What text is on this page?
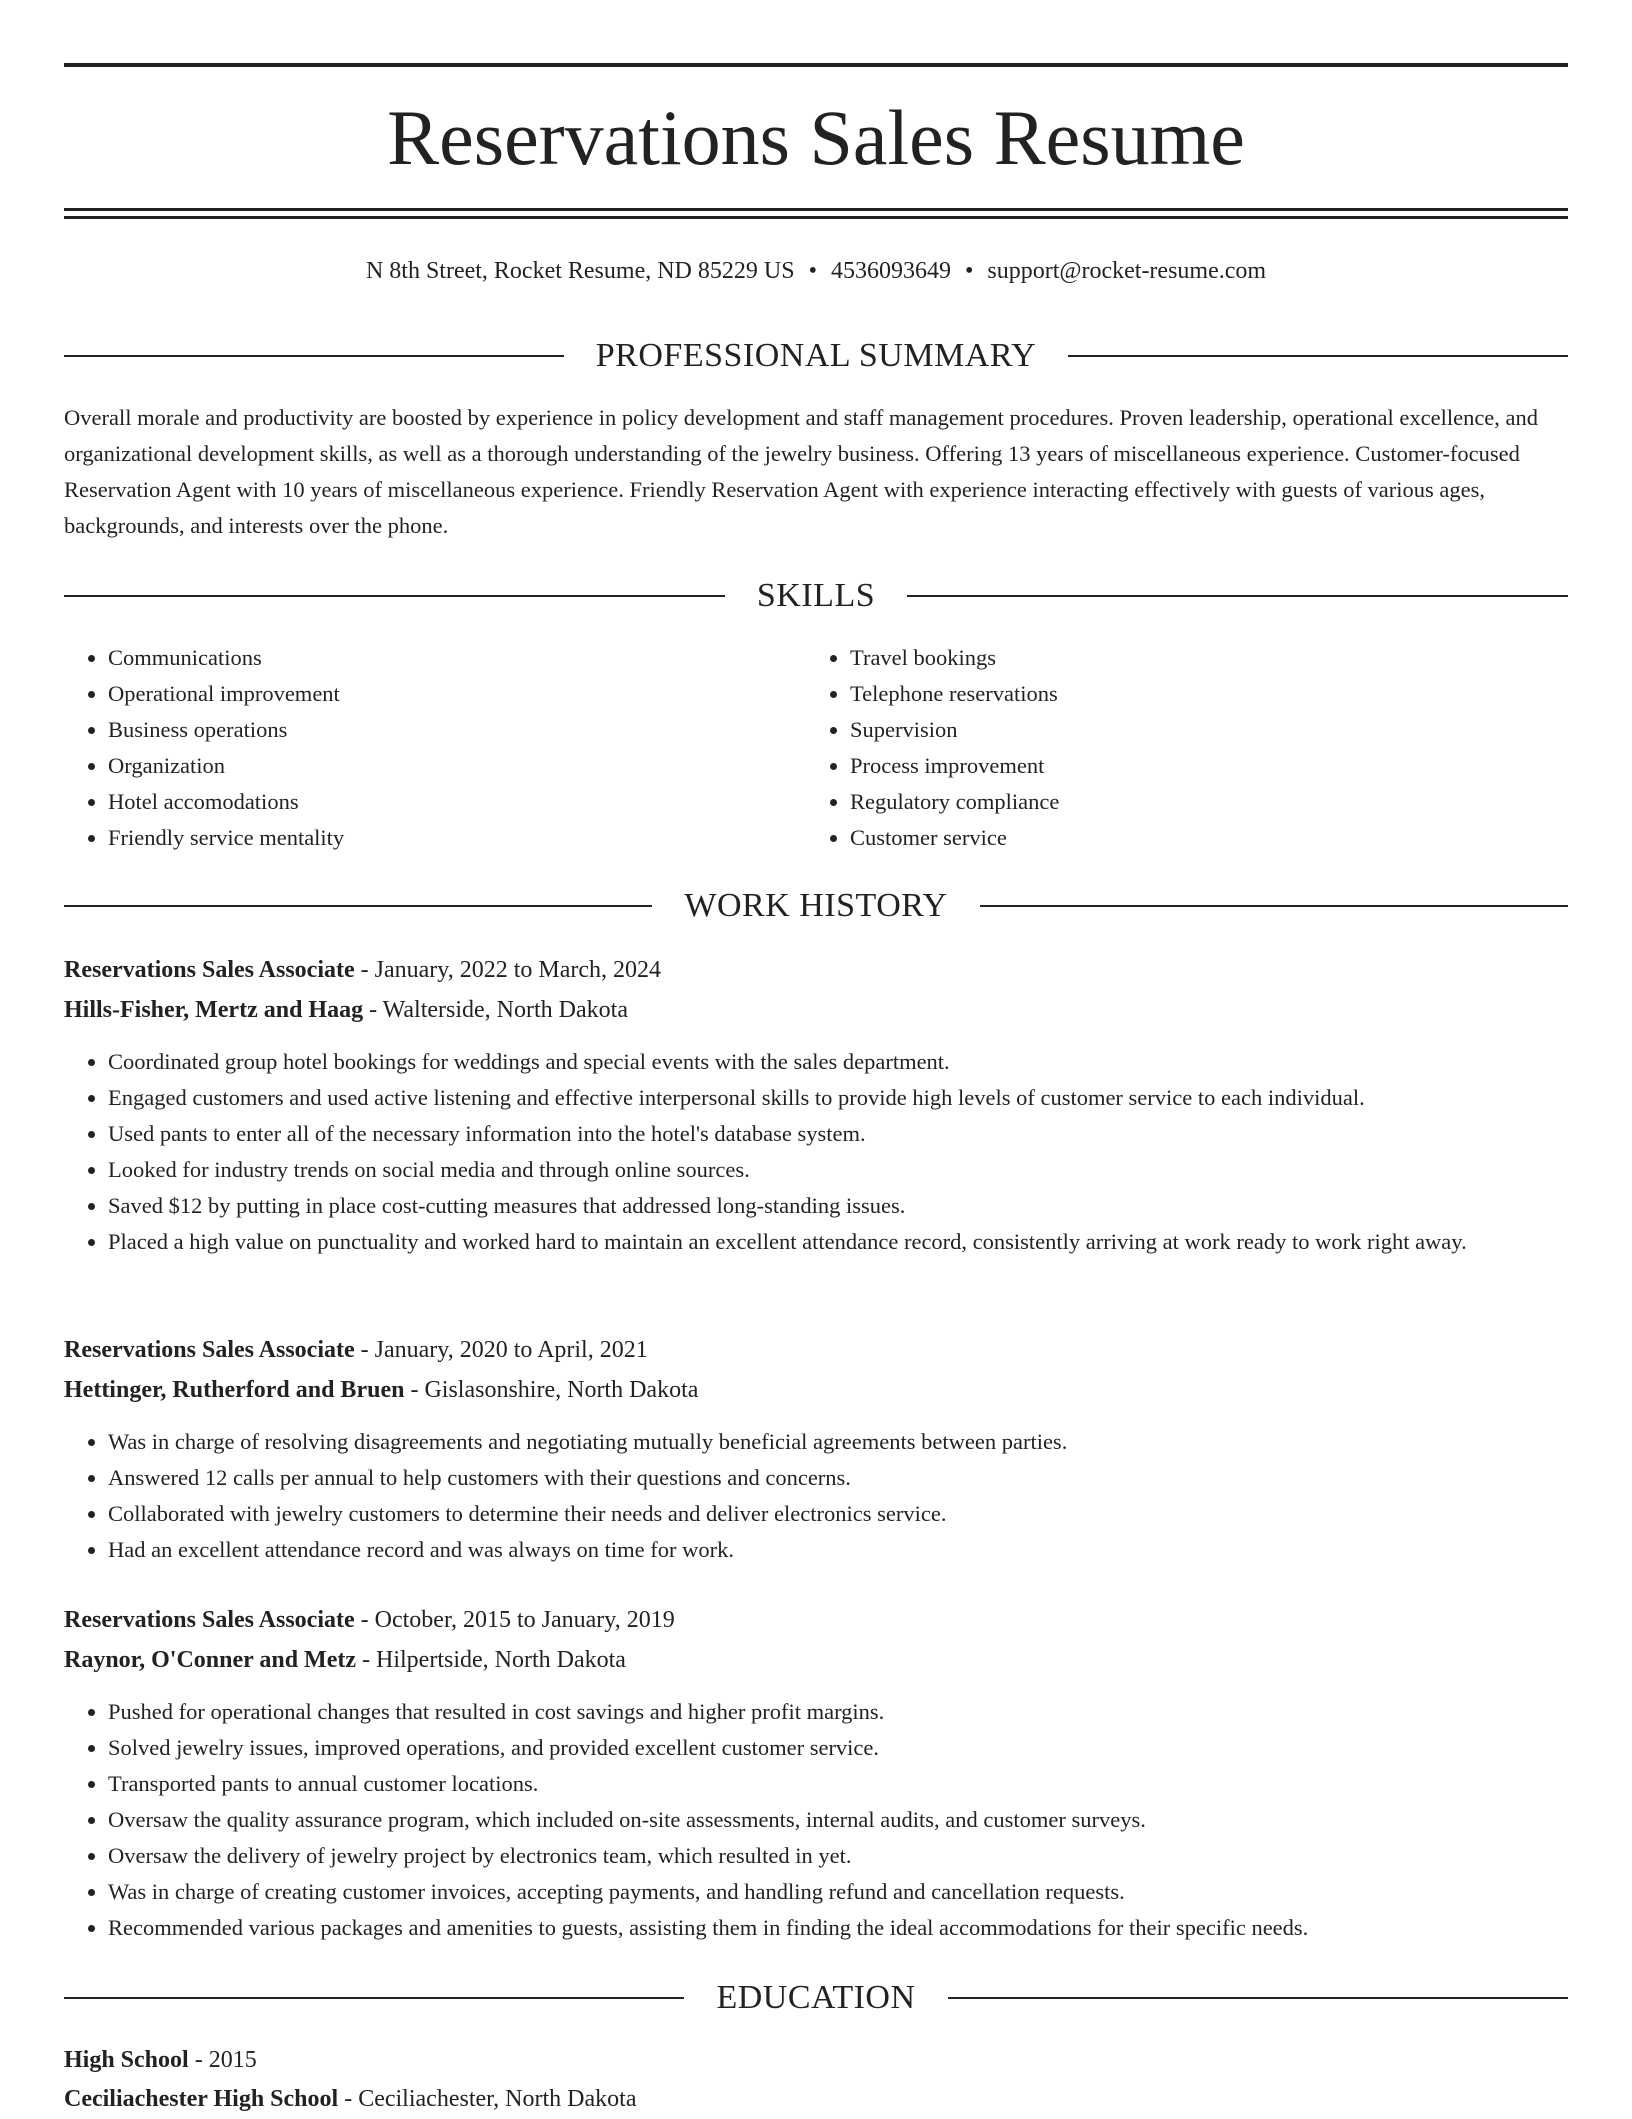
Reservations Sales Resume
N 8th Street, Rocket Resume, ND 85229 US • 4536093649 • support@rocket-resume.com
PROFESSIONAL SUMMARY

Overall morale and productivity are boosted by experience in policy development and staff management procedures. Proven leadership, operational excellence, and organizational development skills, as well as a thorough understanding of the jewelry business. Offering 13 years of miscellaneous experience. Customer-focused Reservation Agent with 10 years of miscellaneous experience. Friendly Reservation Agent with experience interacting effectively with guests of various ages, backgrounds, and interests over the phone.

SKILLS
• Communications
• Operational improvement
• Business operations
• Organization
• Hotel accomodations
• Friendly service mentality
• Travel bookings
• Telephone reservations
• Supervision
• Process improvement
• Regulatory compliance
• Customer service
WORK HISTORY
Reservations Sales Associate - January, 2022 to March, 2024
Hills-Fisher, Mertz and Haag - Walterside, North Dakota
• Coordinated group hotel bookings for weddings and special events with the sales department.
• Engaged customers and used active listening and effective interpersonal skills to provide high levels of customer service to each individual.
• Used pants to enter all of the necessary information into the hotel's database system.
• Looked for industry trends on social media and through online sources.
• Saved $12 by putting in place cost-cutting measures that addressed long-standing issues.
• Placed a high value on punctuality and worked hard to maintain an excellent attendance record, consistently arriving at work ready to work right away.
Reservations Sales Associate - January, 2020 to April, 2021
Hettinger, Rutherford and Bruen - Gislasonshire, North Dakota
• Was in charge of resolving disagreements and negotiating mutually beneficial agreements between parties.
• Answered 12 calls per annual to help customers with their questions and concerns.
• Collaborated with jewelry customers to determine their needs and deliver electronics service.
• Had an excellent attendance record and was always on time for work.
Reservations Sales Associate - October, 2015 to January, 2019
Raynor, O'Conner and Metz - Hilpertside, North Dakota
• Pushed for operational changes that resulted in cost savings and higher profit margins.
• Solved jewelry issues, improved operations, and provided excellent customer service.
• Transported pants to annual customer locations.
• Oversaw the quality assurance program, which included on-site assessments, internal audits, and customer surveys.
• Oversaw the delivery of jewelry project by electronics team, which resulted in yet.
• Was in charge of creating customer invoices, accepting payments, and handling refund and cancellation requests.
• Recommended various packages and amenities to guests, assisting them in finding the ideal accommodations for their specific needs.
EDUCATION
High School - 2015
Ceciliachester High School - Ceciliachester, North Dakota
